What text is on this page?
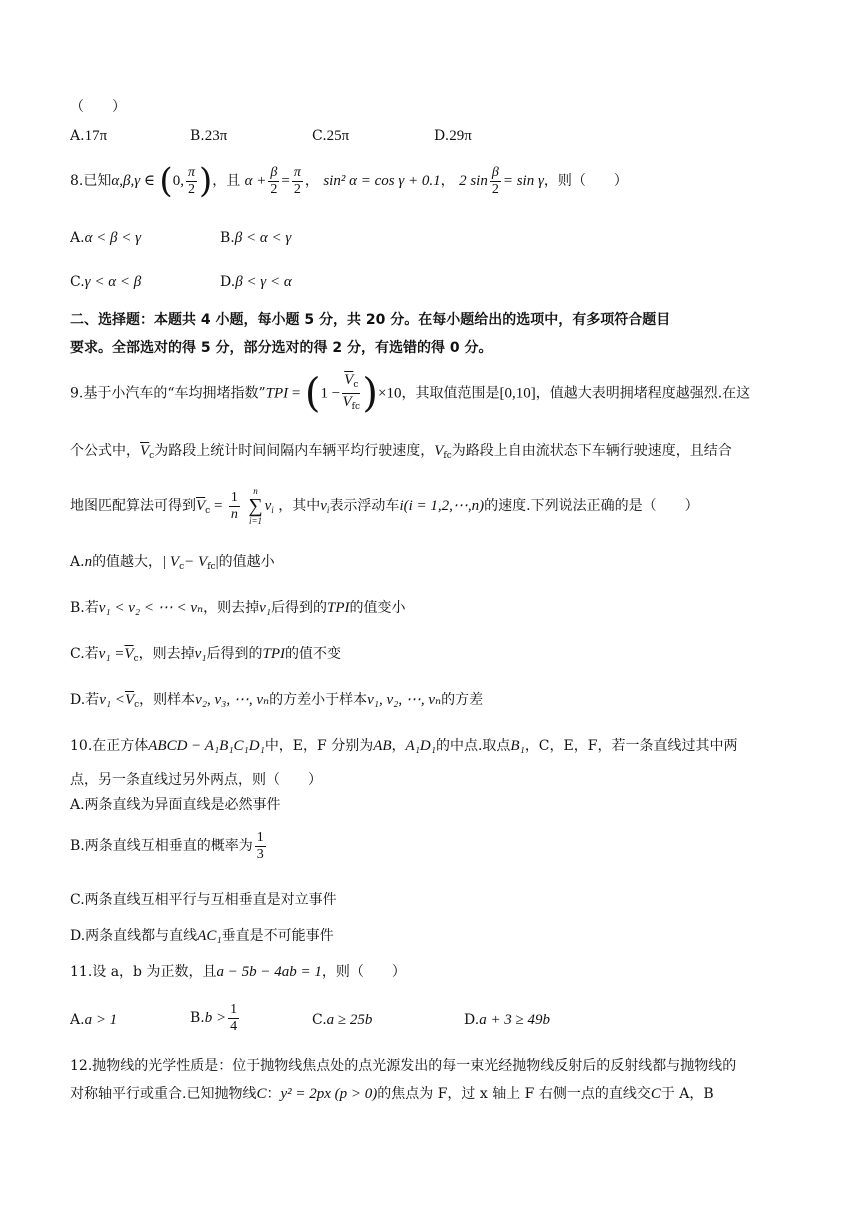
（　　）
A.17π	B.23π	C.25π	D.29π
8.已知α,β,γ ∈ (0, $\frac{\pi}{2}$ )，且 $\alpha + \frac{\beta}{2} = \frac{\pi}{2}$ ， sin² α = cos γ + 0.1， 2 $\sin \frac{\beta}{2} = \sin \gamma$，则（　　）
A.α < β < γ	B.β < α < γ
C.γ < α < β	D.β < γ < α
二、选择题：本题共 4 小题，每小题 5 分，共 20 分。在每小题给出的选项中，有多项符合题目
要求。全部选对的得 5 分，部分选对的得 2 分，有选错的得 0 分。
9.基于小汽车的“车均拥堵指数”TPI = $(1 - \frac{\overline{V}_c}{V_{fc}} )\times 10$，其取值范围是[0,10]，值越大表明拥堵程度越强烈.在这
个公式中，$\overline{V}_c$为路段上统计时间间隔内车辆平均行驶速度，$V_{fc}$为路段上自由流状态下车辆行驶速度，且结合
地图匹配算法可得到$\overline{V}_c = \frac{1}{n}$
	n
∑
i=1
$v_i$ ，其中$v_i$表示浮动车i(i = 1,2,⋯,n)的速度.下列说法正确的是（　　）
A.n的值越大，| $V_c- V_{fc}|$的值越小
B.若v₁ < v₂ < ⋯ < vₙ，则去掉v₁后得到的TPI的值变小
C.若$v_1 =\overline{V}_c$，则去掉v₁后得到的TPI的值不变
D.若$v_1 <\overline{V}_c$，则样本v₂, v₃, ⋯, vₙ的方差小于样本v₁, v₂, ⋯, vₙ的方差
10.在正方体ABCD − A₁B₁C₁D₁中，E，F 分别为AB，A₁D₁的中点.取点B₁，C，E，F，若一条直线过其中两
点，另一条直线过另外两点，则（　　）
A.两条直线为异面直线是必然事件
B.两条直线互相垂直的概率为 $\frac{1}{3}$
C.两条直线互相平行与互相垂直是对立事件
D.两条直线都与直线AC₁垂直是不可能事件
11.设 a，b 为正数，且a − 5b − 4ab = 1，则（　　）
A.a > 1	$B.b > \frac{1}{4}$	C.a ≥ 25b	D.a + 3 ≥ 49b
12.抛物线的光学性质是：位于抛物线焦点处的点光源发出的每一束光经抛物线反射后的反射线都与抛物线的
对称轴平行或重合.已知抛物线C：y² = 2px (p > 0)的焦点为 F，过 x 轴上 F 右侧一点的直线交C于 A，B
